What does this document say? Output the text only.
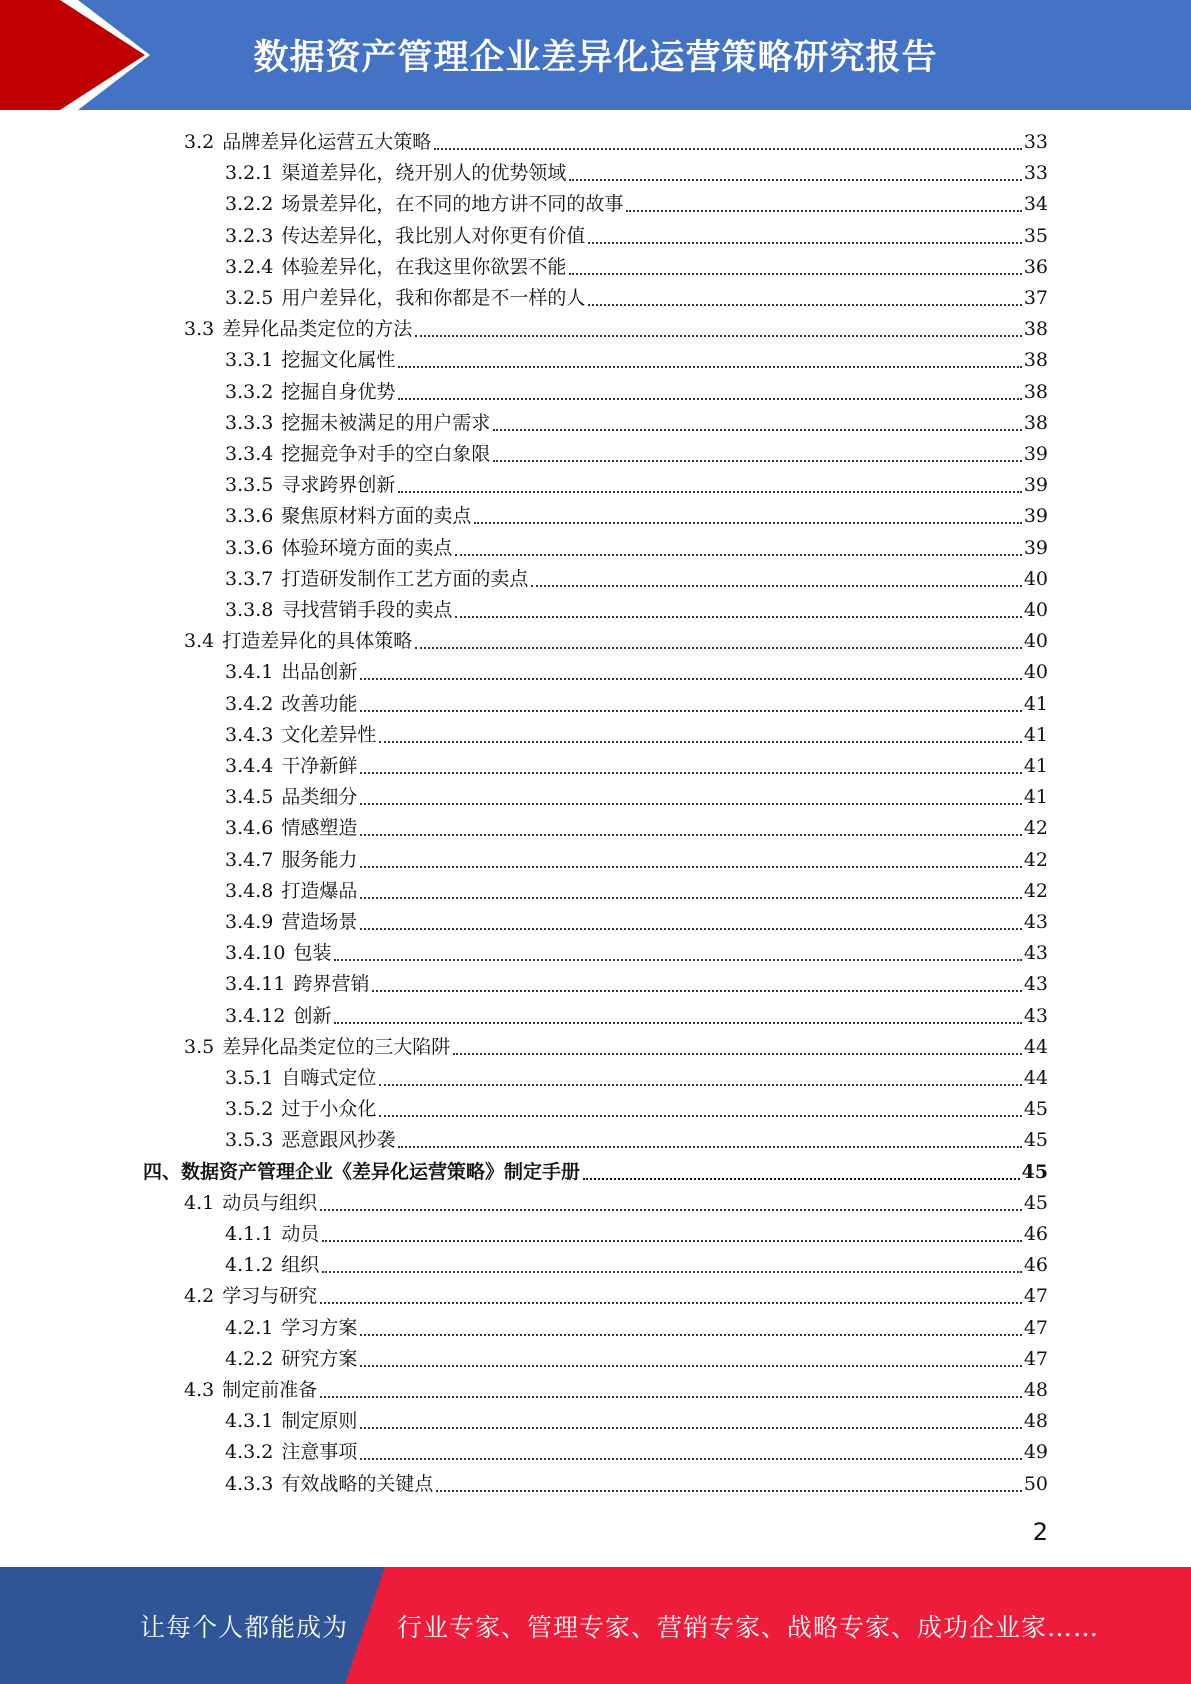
数据资产管理企业差异化运营策略研究报告
3.2 品牌差异化运营五大策略	33
3.2.1 渠道差异化，绕开别人的优势领域	33
3.2.2 场景差异化，在不同的地方讲不同的故事	34
3.2.3 传达差异化，我比别人对你更有价值	35
3.2.4 体验差异化，在我这里你欲罢不能	36
3.2.5 用户差异化，我和你都是不一样的人	37
3.3 差异化品类定位的方法	38
3.3.1 挖掘文化属性	38
3.3.2 挖掘自身优势	38
3.3.3 挖掘未被满足的用户需求	38
3.3.4 挖掘竞争对手的空白象限	39
3.3.5 寻求跨界创新	39
3.3.6 聚焦原材料方面的卖点	39
3.3.6 体验环境方面的卖点	39
3.3.7 打造研发制作工艺方面的卖点	40
3.3.8 寻找营销手段的卖点	40
3.4 打造差异化的具体策略	40
3.4.1 出品创新	40
3.4.2 改善功能	41
3.4.3 文化差异性	41
3.4.4 干净新鲜	41
3.4.5 品类细分	41
3.4.6 情感塑造	42
3.4.7 服务能力	42
3.4.8 打造爆品	42
3.4.9 营造场景	43
3.4.10 包装	43
3.4.11 跨界营销	43
3.4.12 创新	43
3.5 差异化品类定位的三大陷阱	44
3.5.1 自嗨式定位	44
3.5.2 过于小众化	45
3.5.3 恶意跟风抄袭	45
四、数据资产管理企业《差异化运营策略》制定手册	45
4.1 动员与组织	45
4.1.1 动员	46
4.1.2 组织	46
4.2 学习与研究	47
4.2.1 学习方案	47
4.2.2 研究方案	47
4.3 制定前准备	48
4.3.1 制定原则	48
4.3.2 注意事项	49
4.3.3 有效战略的关键点	50
2
让每个人都能成为 行业专家、管理专家、营销专家、战略专家、成功企业家……
